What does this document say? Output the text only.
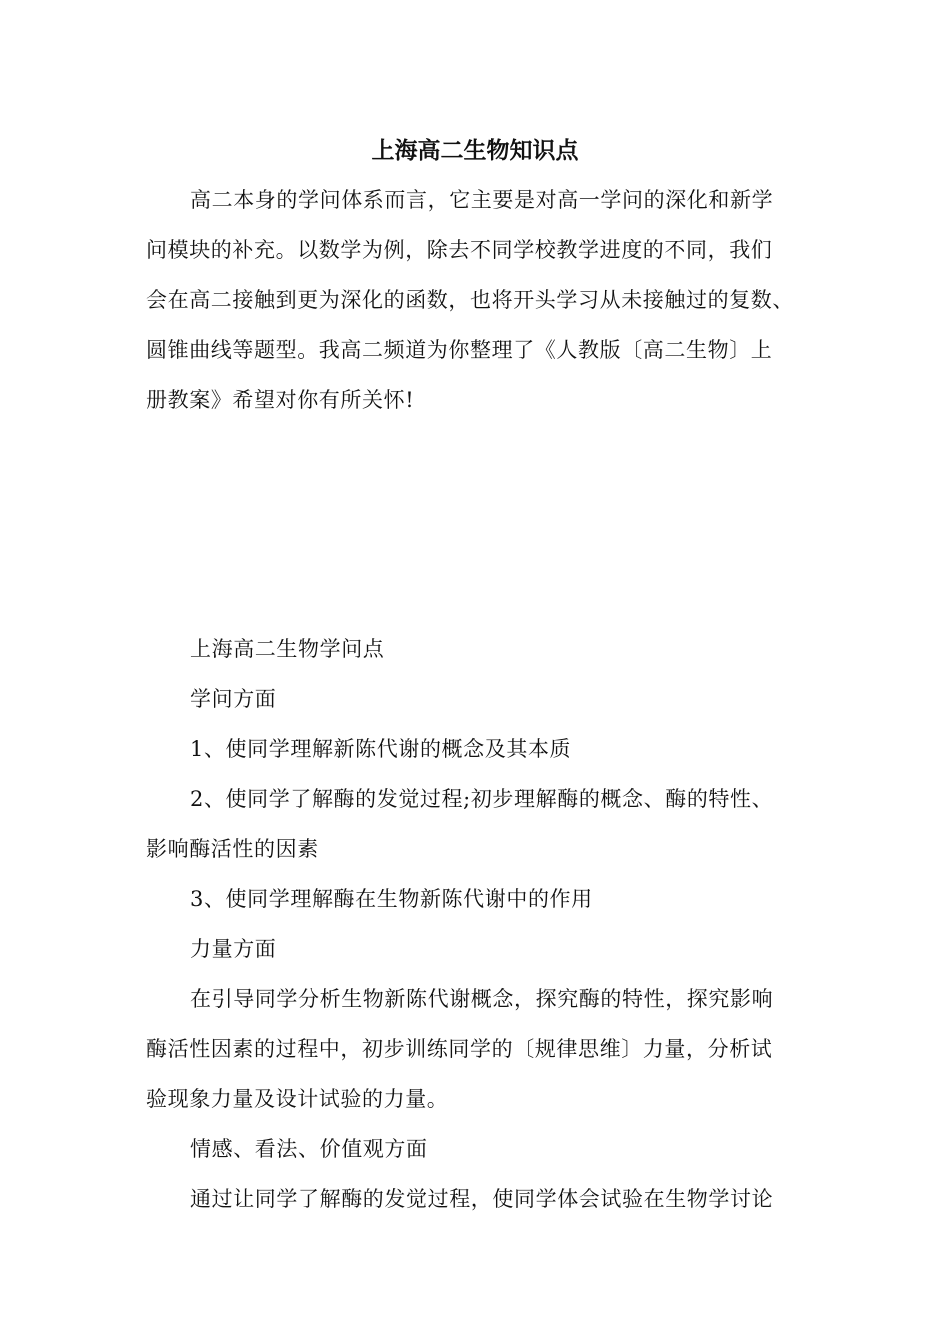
上海高二生物知识点
高二本身的学问体系而言，它主要是对高一学问的深化和新学
问模块的补充。以数学为例，除去不同学校教学进度的不同，我们
会在高二接触到更为深化的函数，也将开头学习从未接触过的复数、
圆锥曲线等题型。我高二频道为你整理了《人教版〔高二生物〕上
册教案》希望对你有所关怀!
上海高二生物学问点
学问方面
1、使同学理解新陈代谢的概念及其本质
2、使同学了解酶的发觉过程;初步理解酶的概念、酶的特性、
影响酶活性的因素
3、使同学理解酶在生物新陈代谢中的作用
力量方面
在引导同学分析生物新陈代谢概念，探究酶的特性，探究影响
酶活性因素的过程中，初步训练同学的〔规律思维〕力量，分析试
验现象力量及设计试验的力量。
情感、看法、价值观方面
通过让同学了解酶的发觉过程，使同学体会试验在生物学讨论
